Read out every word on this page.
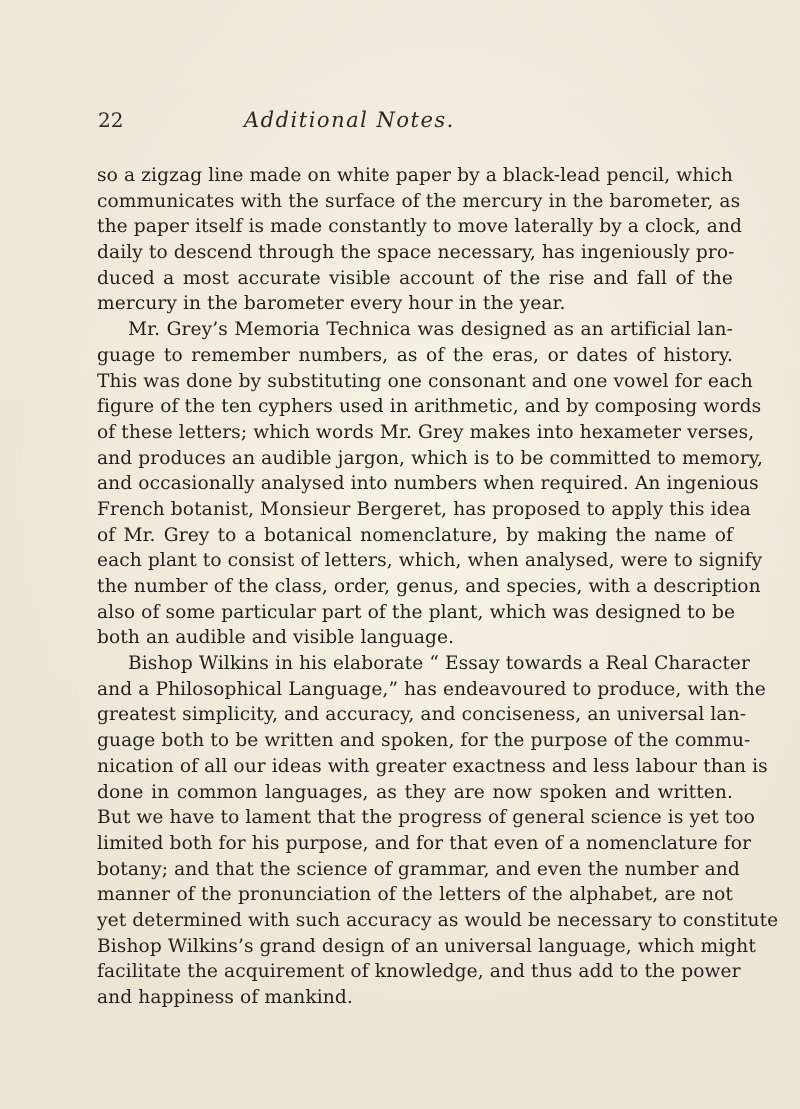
22	Additional Notes.
so a zigzag line made on white paper by a black-lead pencil, which
communicates with the surface of the mercury in the barometer, as
the paper itself is made constantly to move laterally by a clock, and
daily to descend through the space necessary, has ingeniously pro-
duced a most accurate visible account of the rise and fall of the
mercury in the barometer every hour in the year.
Mr. Grey’s Memoria Technica was designed as an artificial lan-
guage to remember numbers, as of the eras, or dates of history.
This was done by substituting one consonant and one vowel for each
figure of the ten cyphers used in arithmetic, and by composing words
of these letters; which words Mr. Grey makes into hexameter verses,
and produces an audible jargon, which is to be committed to memory,
and occasionally analysed into numbers when required. An ingenious
French botanist, Monsieur Bergeret, has proposed to apply this idea
of Mr. Grey to a botanical nomenclature, by making the name of
each plant to consist of letters, which, when analysed, were to signify
the number of the class, order, genus, and species, with a description
also of some particular part of the plant, which was designed to be
both an audible and visible language.
Bishop Wilkins in his elaborate “ Essay towards a Real Character
and a Philosophical Language,” has endeavoured to produce, with the
greatest simplicity, and accuracy, and conciseness, an universal lan-
guage both to be written and spoken, for the purpose of the commu-
nication of all our ideas with greater exactness and less labour than is
done in common languages, as they are now spoken and written.
But we have to lament that the progress of general science is yet too
limited both for his purpose, and for that even of a nomenclature for
botany; and that the science of grammar, and even the number and
manner of the pronunciation of the letters of the alphabet, are not
yet determined with such accuracy as would be necessary to constitute
Bishop Wilkins’s grand design of an universal language, which might
facilitate the acquirement of knowledge, and thus add to the power
and happiness of mankind.
